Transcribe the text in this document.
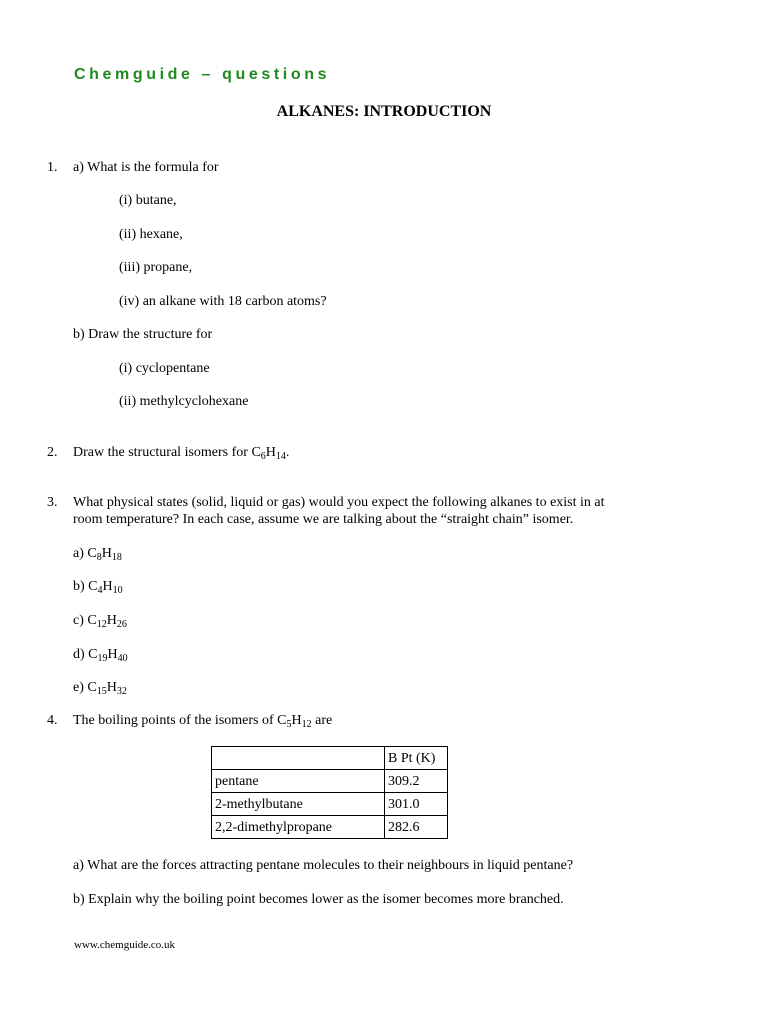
Chemguide – questions
ALKANES: INTRODUCTION
1. a) What is the formula for
(i) butane,
(ii) hexane,
(iii) propane,
(iv) an alkane with 18 carbon atoms?
b) Draw the structure for
(i) cyclopentane
(ii) methylcyclohexane
2. Draw the structural isomers for $C_6H_{14}$.
3. What physical states (solid, liquid or gas) would you expect the following alkanes to exist in at
room temperature? In each case, assume we are talking about the “straight chain” isomer.
a) $C_8H_{18}$
b) $C_4H_{10}$
c) $C_{12}H_{26}$
d) $C_{19}H_{40}$
e) $C_{15}H_{32}$
4. The boiling points of the isomers of $C_5H_{12}$ are
	B Pt (K)
pentane	309.2
2-methylbutane	301.0
2,2-dimethylpropane	282.6
a) What are the forces attracting pentane molecules to their neighbours in liquid pentane?
b) Explain why the boiling point becomes lower as the isomer becomes more branched.
www.chemguide.co.uk
